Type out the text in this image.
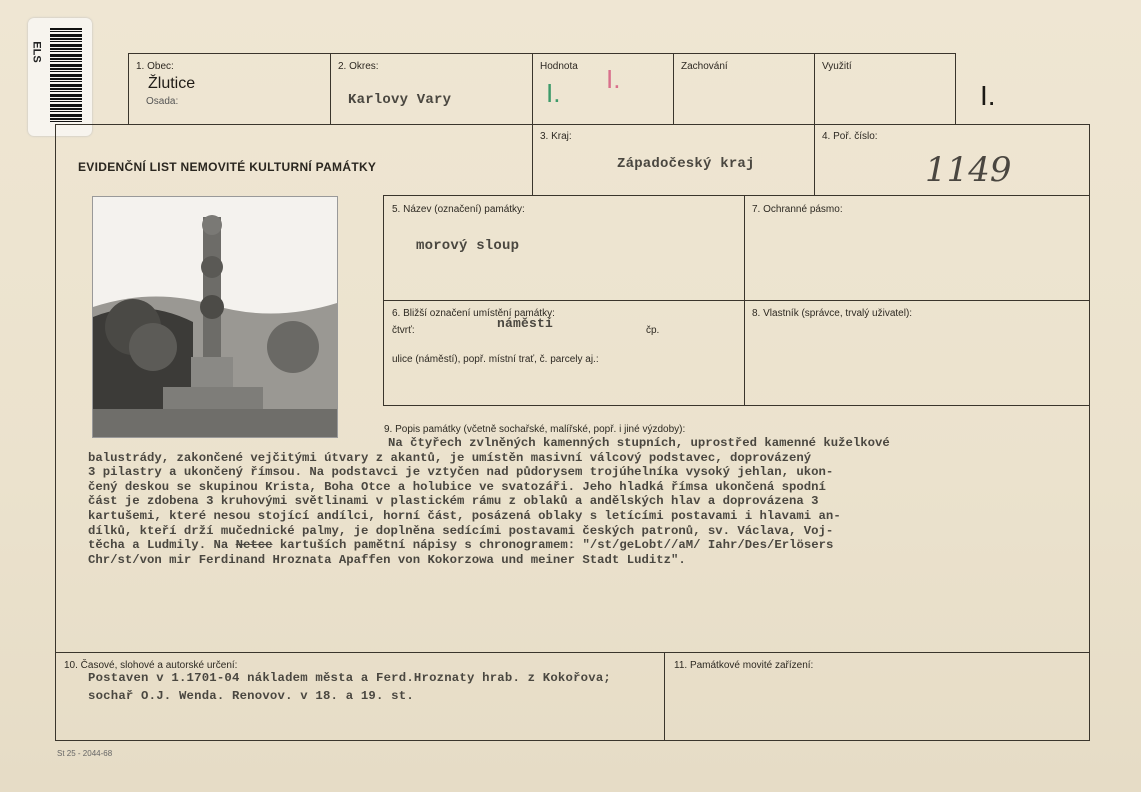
ELS
1. Obec:
Žlutice
Osada:
2. Okres:
Karlovy Vary
Hodnota
I. I.	Zachování	Využití
I.
EVIDENČNÍ LIST NEMOVITÉ KULTURNÍ PAMÁTKY
3. Kraj:
Západočeský kraj
4. Poř. číslo:
1149
5. Název (označení) památky:
morový sloup
7. Ochranné pásmo:
6. Bližší označení umístění památky:
čtvrť:	náměstí	čp.
ulice (náměstí), popř. místní trať, č. parcely aj.:
8. Vlastník (správce, trvalý uživatel):
9. Popis památky (včetně sochařské, malířské, popř. i jiné výzdoby):
Na čtyřech zvlněných kamenných stupních, uprostřed kamenné kuželkové
balustrády, zakončené vejčitými útvary z akantů, je umístěn masivní válcový podstavec, doprovázený
3 pilastry a ukončený římsou. Na podstavci je vztyčen nad půdorysem trojúhelníka vysoký jehlan, ukon-
čený deskou se skupinou Krista, Boha Otce a holubice ve svatozáři. Jeho hladká římsa ukončená spodní
část je zdobena 3 kruhovými světlinami v plastickém rámu z oblaků a andělských hlav a doprovázena 3
kartušemi, které nesou stojící andílci, horní část, posázená oblaky s letícími postavami i hlavami an-
dílků, kteří drží mučednické palmy, je doplněna sedícími postavami českých patronů, sv. Václava, Voj-
těcha a Ludmily. Na Netce kartuších pamětní nápisy s chronogramem: "/st/geLobt//aM/ Iahr/Des/Erlösers
Chr/st/von mir Ferdinand Hroznata Apaffen von Kokorzowa und meiner Stadt Luditz".
10. Časové, slohové a autorské určení:
Postaven v 1.1701-04 nákladem města a Ferd.Hroznaty hrab. z Kokořova;
sochař O.J. Wenda. Renovov. v 18. a 19. st.
11. Památkové movité zařízení:
St 25 - 2044-68
